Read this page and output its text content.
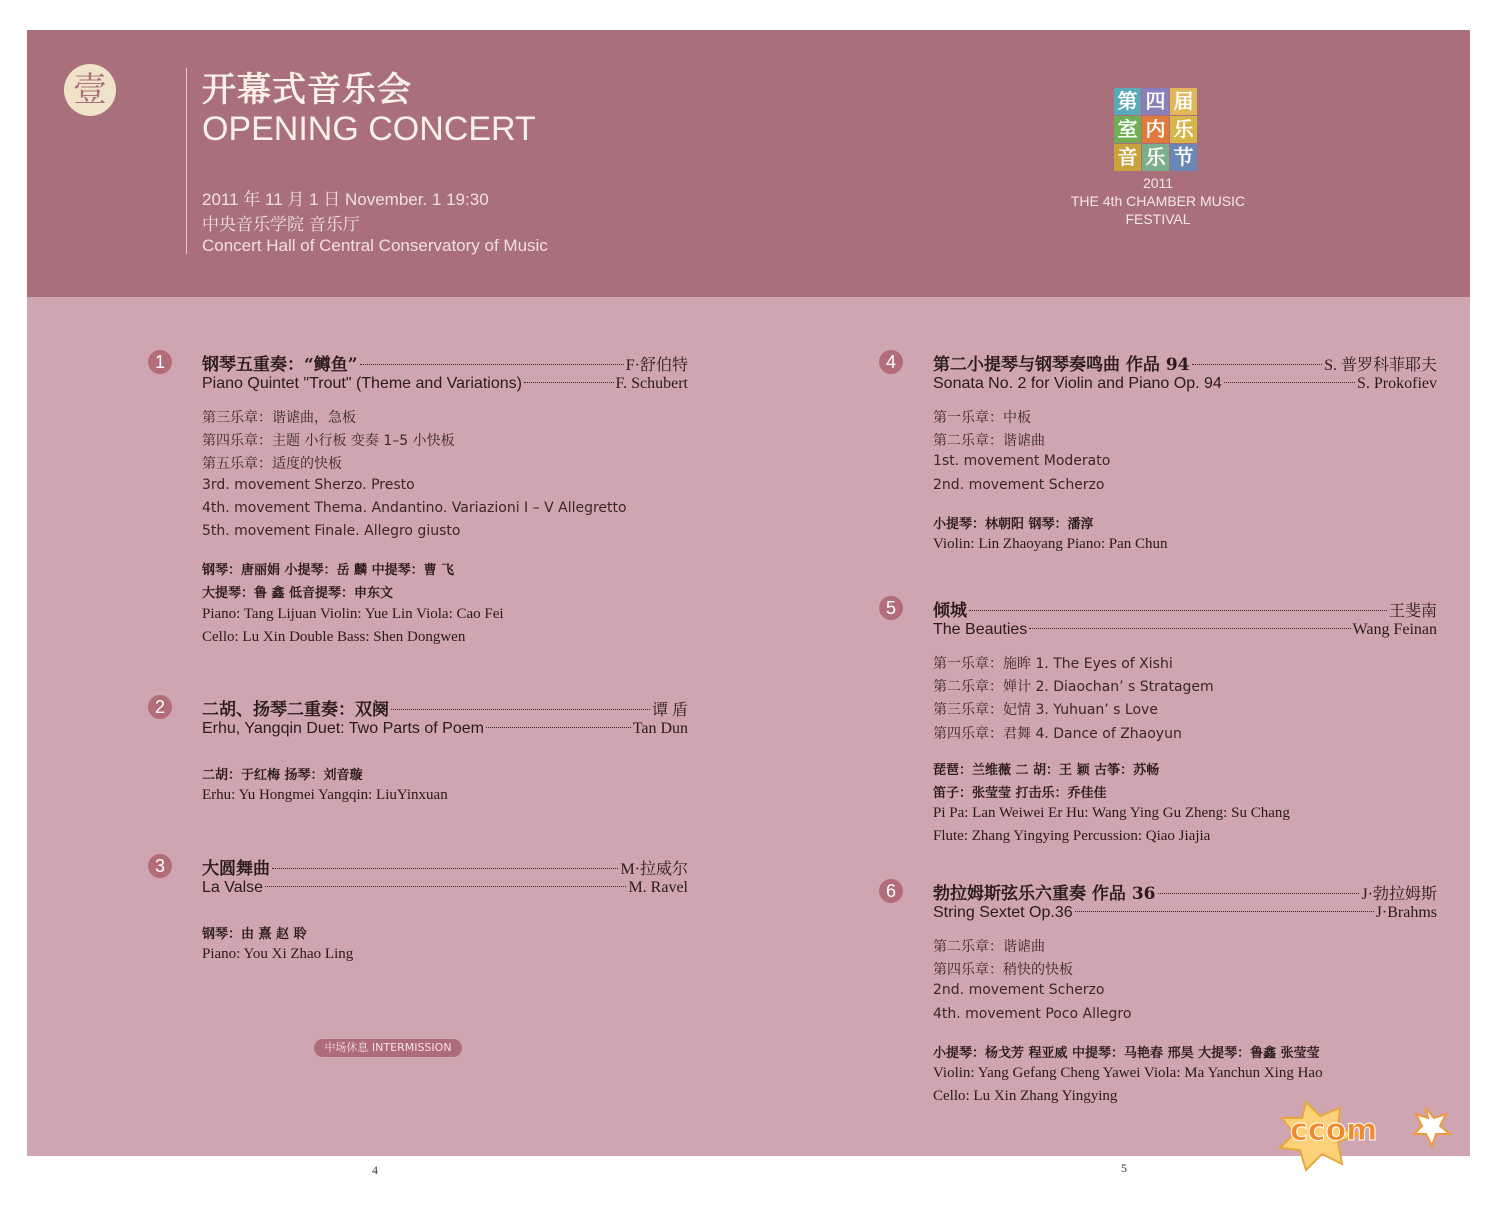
壹	开幕式音乐会
OPENING CONCERT
2011 年 11 月 1 日 November. 1 19:30
中央音乐学院 音乐厅
Concert Hall of Central Conservatory of Music
第 四 届
室 内 乐
音 乐 节
2011
THE 4th CHAMBER MUSIC
FESTIVAL
1	钢琴五重奏：“鳟鱼”	F·舒伯特
Piano Quintet "Trout" (Theme and Variations)	F. Schubert
第三乐章：谐谑曲，急板
第四乐章：主题 小行板 变奏 1–5 小快板
第五乐章：适度的快板
3rd. movement Sherzo. Presto
4th. movement Thema. Andantino. Variazioni Ⅰ – Ⅴ Allegretto
5th. movement Finale. Allegro giusto
钢琴：唐丽娟 小提琴：岳 麟 中提琴：曹 飞
大提琴：鲁 鑫 低音提琴：申东文
Piano: Tang Lijuan Violin: Yue Lin Viola: Cao Fei
Cello: Lu Xin Double Bass: Shen Dongwen
2	二胡、扬琴二重奏：双阕	谭 盾
Erhu, Yangqin Duet: Two Parts of Poem	Tan Dun
二胡：于红梅 扬琴：刘音璇
Erhu: Yu Hongmei Yangqin: LiuYinxuan
3	大圆舞曲	M·拉威尔
La Valse	M. Ravel
钢琴：由 熹 赵 聆
Piano: You Xi Zhao Ling
4	第二小提琴与钢琴奏鸣曲 作品 94	S. 普罗科菲耶夫
Sonata No. 2 for Violin and Piano Op. 94	S. Prokofiev
第一乐章：中板
第二乐章：谐谑曲
1st. movement Moderato
2nd. movement Scherzo
小提琴：林朝阳 钢琴：潘淳
Violin: Lin Zhaoyang Piano: Pan Chun
5	倾城	王斐南
The Beauties	Wang Feinan
第一乐章：施眸 1. The Eyes of Xishi
第二乐章：婵计 2. Diaochan’ s Stratagem
第三乐章：妃情 3. Yuhuan’ s Love
第四乐章：君舞 4. Dance of Zhaoyun
琵琶：兰维薇 二 胡：王 颖 古筝：苏畅
笛子：张莹莹 打击乐：乔佳佳
Pi Pa: Lan Weiwei Er Hu: Wang Ying Gu Zheng: Su Chang
Flute: Zhang Yingying Percussion: Qiao Jiajia
6	勃拉姆斯弦乐六重奏 作品 36	J·勃拉姆斯
String Sextet Op.36	J·Brahms
第二乐章：谐谑曲
第四乐章：稍快的快板
2nd. movement Scherzo
4th. movement Poco Allegro
小提琴：杨戈芳 程亚威 中提琴：马艳春 邢昊 大提琴：鲁鑫 张莹莹
Violin: Yang Gefang Cheng Yawei Viola: Ma Yanchun Xing Hao
Cello: Lu Xin Zhang Yingying
中场休息 INTERMISSION
4	5
ccom
